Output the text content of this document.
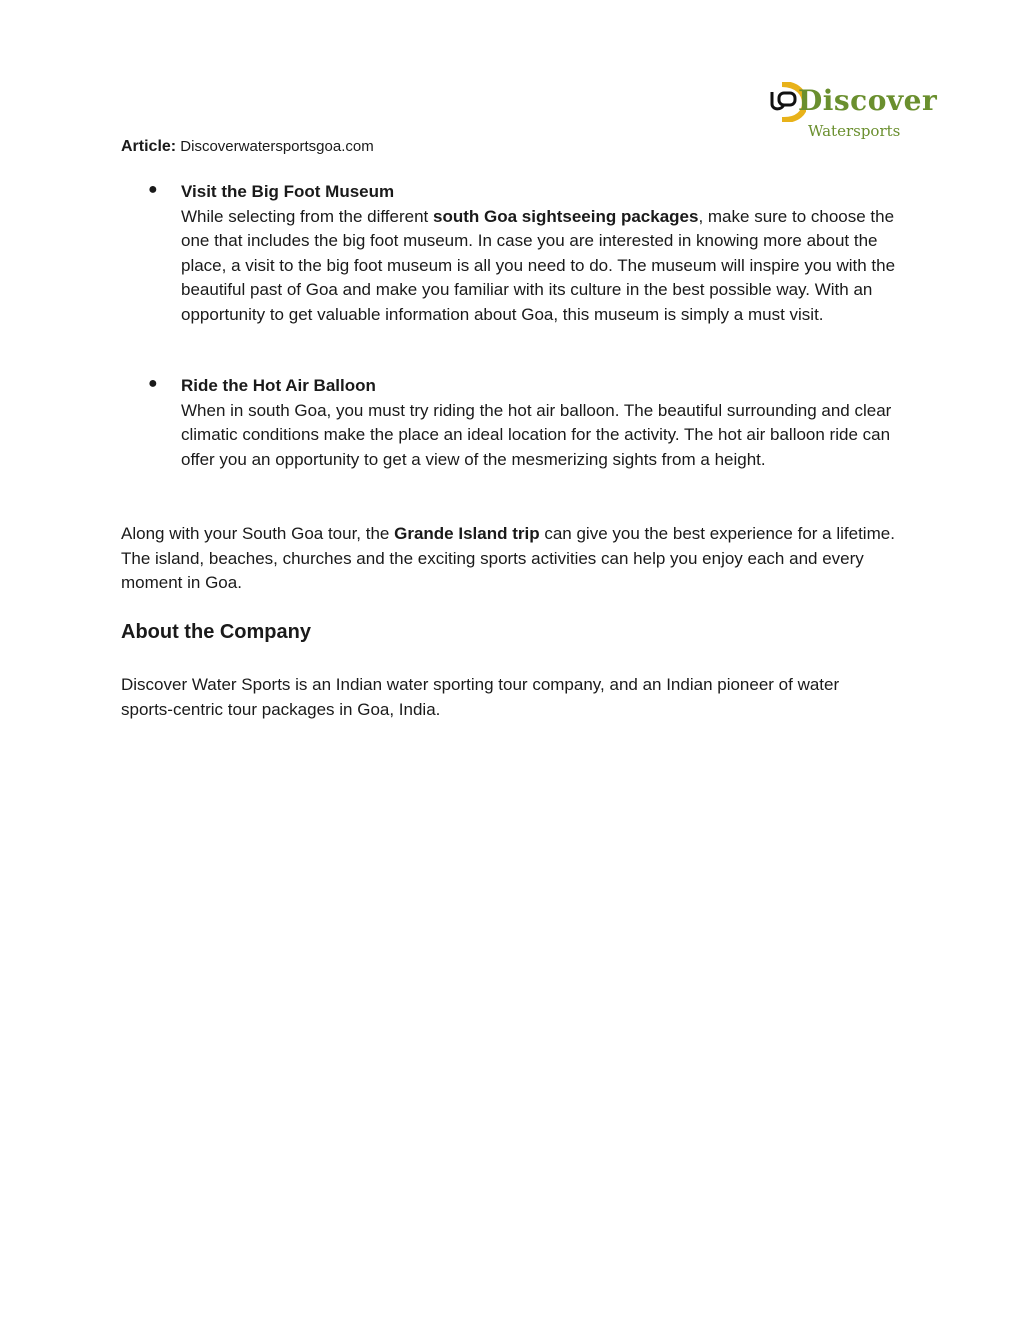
Discover
Watersports
Article: Discoverwatersportsgoa.com
● Visit the Big Foot Museum
While selecting from the different south Goa sightseeing packages, make sure to choose the one that includes the big foot museum. In case you are interested in knowing more about the place, a visit to the big foot museum is all you need to do. The museum will inspire you with the beautiful past of Goa and make you familiar with its culture in the best possible way. With an opportunity to get valuable information about Goa, this museum is simply a must visit.
● Ride the Hot Air Balloon
When in south Goa, you must try riding the hot air balloon. The beautiful surrounding and clear climatic conditions make the place an ideal location for the activity. The hot air balloon ride can offer you an opportunity to get a view of the mesmerizing sights from a height.
Along with your South Goa tour, the Grande Island trip can give you the best experience for a lifetime. The island, beaches, churches and the exciting sports activities can help you enjoy each and every moment in Goa.
About the Company
Discover Water Sports is an Indian water sporting tour company, and an Indian pioneer of water sports-centric tour packages in Goa, India.
